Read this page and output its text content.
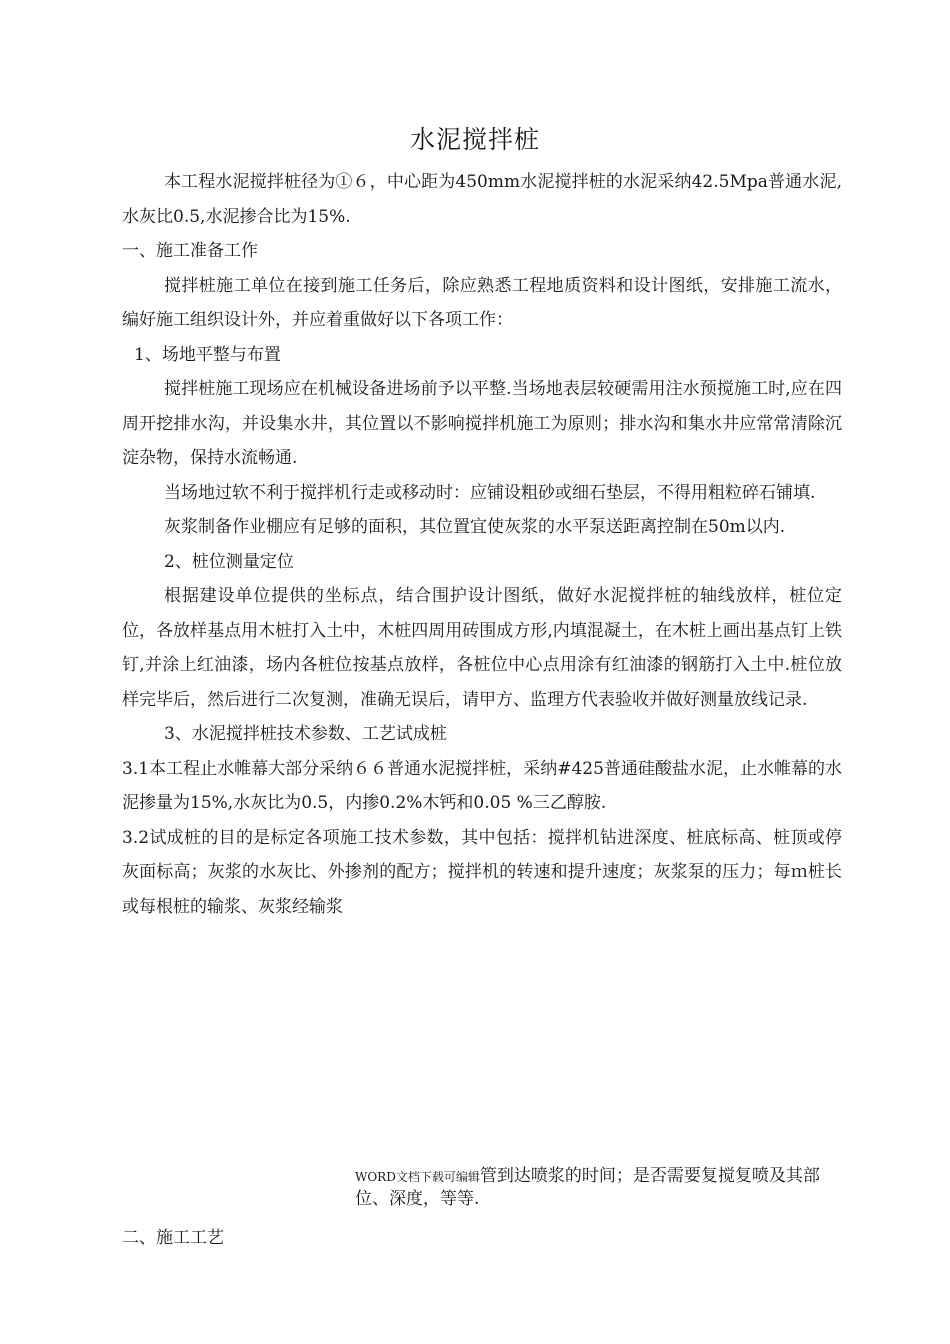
水泥搅拌桩

本工程水泥搅拌桩径为①６，中心距为450mm水泥搅拌桩的水泥采纳42.5Mpa普通水泥,水灰比0.5,水泥掺合比为15%.

一、施工准备工作

搅拌桩施工单位在接到施工任务后，除应熟悉工程地质资料和设计图纸，安排施工流水，编好施工组织设计外，并应着重做好以下各项工作：

1、场地平整与布置

搅拌桩施工现场应在机械设备进场前予以平整.当场地表层较硬需用注水预搅施工时,应在四周开挖排水沟，并设集水井，其位置以不影响搅拌机施工为原则；排水沟和集水井应常常清除沉淀杂物，保持水流畅通.

当场地过软不利于搅拌机行走或移动时：应铺设粗砂或细石垫层，不得用粗粒碎石铺填.

灰浆制备作业棚应有足够的面积，其位置宜使灰浆的水平泵送距离控制在50m以内.

2、桩位测量定位

根据建设单位提供的坐标点，结合围护设计图纸，做好水泥搅拌桩的轴线放样，桩位定位，各放样基点用木桩打入土中，木桩四周用砖围成方形,内填混凝土，在木桩上画出基点钉上铁钉,并涂上红油漆，场内各桩位按基点放样，各桩位中心点用涂有红油漆的钢筋打入土中.桩位放样完毕后，然后进行二次复测，准确无误后，请甲方、监理方代表验收并做好测量放线记录.

3、水泥搅拌桩技术参数、工艺试成桩

3.1本工程止水帷幕大部分采纳６６普通水泥搅拌桩，采纳#425普通硅酸盐水泥，止水帷幕的水泥掺量为15%,水灰比为0.5，内掺0.2%木钙和0.05 %三乙醇胺.

3.2试成桩的目的是标定各项施工技术参数，其中包括：搅拌机钻进深度、桩底标高、桩顶或停灰面标高；灰浆的水灰比、外掺剂的配方；搅拌机的转速和提升速度；灰浆泵的压力；每ｍ桩长或每根桩的输浆、灰浆经输浆

WORD文档下载可编辑管到达喷浆的时间；是否需要复搅复喷及其部位、深度，等等.
二、施工工艺
